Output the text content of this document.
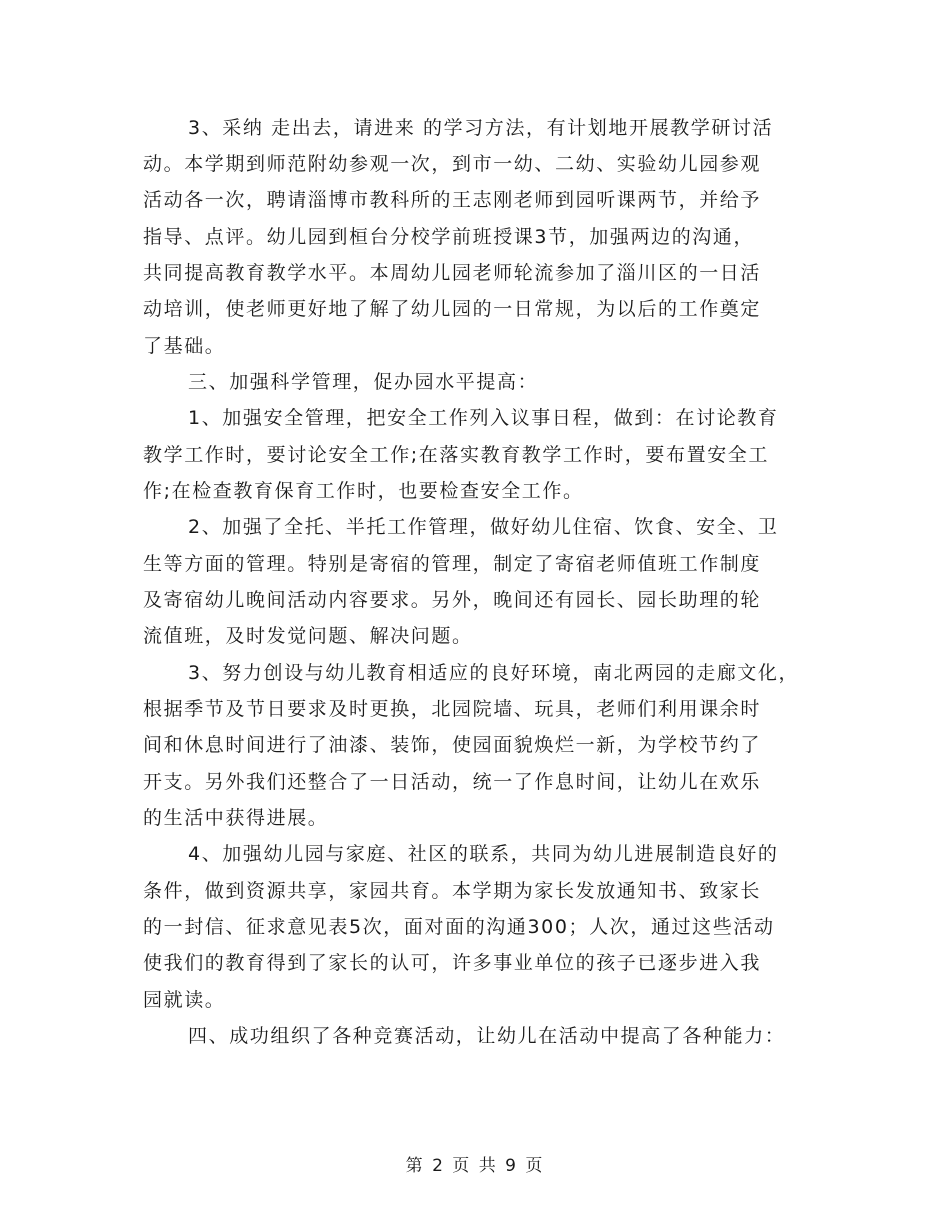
3、采纳 走出去，请进来 的学习方法，有计划地开展教学研讨活
动。本学期到师范附幼参观一次，到市一幼、二幼、实验幼儿园参观
活动各一次，聘请淄博市教科所的王志刚老师到园听课两节，并给予
指导、点评。幼儿园到桓台分校学前班授课3节，加强两边的沟通，
共同提高教育教学水平。本周幼儿园老师轮流参加了淄川区的一日活
动培训，使老师更好地了解了幼儿园的一日常规，为以后的工作奠定
了基础。
三、加强科学管理，促办园水平提高：
1、加强安全管理，把安全工作列入议事日程，做到：在讨论教育
教学工作时，要讨论安全工作;在落实教育教学工作时，要布置安全工
作;在检查教育保育工作时，也要检查安全工作。
2、加强了全托、半托工作管理，做好幼儿住宿、饮食、安全、卫
生等方面的管理。特别是寄宿的管理，制定了寄宿老师值班工作制度
及寄宿幼儿晚间活动内容要求。另外，晚间还有园长、园长助理的轮
流值班，及时发觉问题、解决问题。
3、努力创设与幼儿教育相适应的良好环境，南北两园的走廊文化，
根据季节及节日要求及时更换，北园院墙、玩具，老师们利用课余时
间和休息时间进行了油漆、装饰，使园面貌焕烂一新，为学校节约了
开支。另外我们还整合了一日活动，统一了作息时间，让幼儿在欢乐
的生活中获得进展。
4、加强幼儿园与家庭、社区的联系，共同为幼儿进展制造良好的
条件，做到资源共享，家园共育。本学期为家长发放通知书、致家长
的一封信、征求意见表5次，面对面的沟通300；人次，通过这些活动
使我们的教育得到了家长的认可，许多事业单位的孩子已逐步进入我
园就读。
四、成功组织了各种竞赛活动，让幼儿在活动中提高了各种能力：
第 2 页 共 9 页
